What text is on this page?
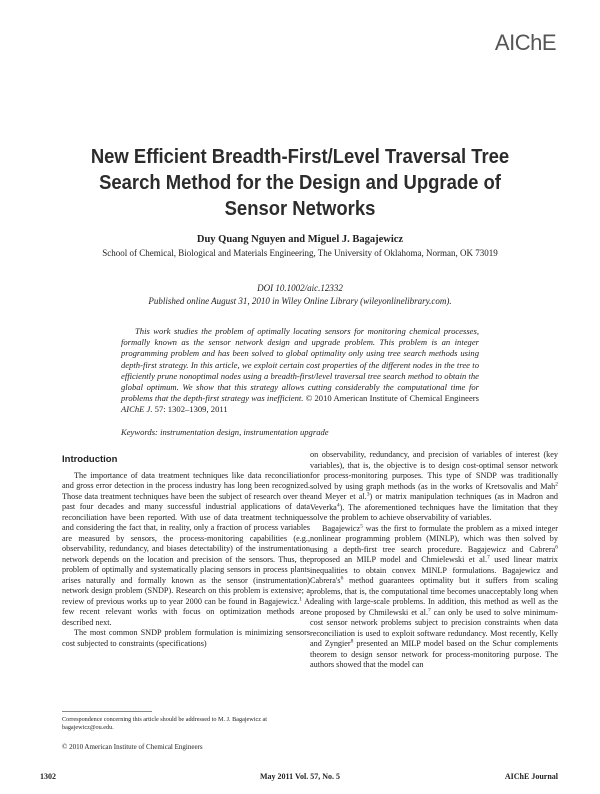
AIChE
New Efficient Breadth-First/Level Traversal Tree Search Method for the Design and Upgrade of Sensor Networks
Duy Quang Nguyen and Miguel J. Bagajewicz
School of Chemical, Biological and Materials Engineering, The University of Oklahoma, Norman, OK 73019
DOI 10.1002/aic.12332
Published online August 31, 2010 in Wiley Online Library (wileyonlinelibrary.com).

This work studies the problem of optimally locating sensors for monitoring chemical processes, formally known as the sensor network design and upgrade problem. This problem is an integer programming problem and has been solved to global optimality only using tree search methods using depth-first strategy. In this article, we exploit certain cost properties of the different nodes in the tree to efficiently prune nonoptimal nodes using a breadth-first/level traversal tree search method to obtain the global optimum. We show that this strategy allows cutting considerably the computational time for problems that the depth-first strategy was inefficient. © 2010 American Institute of Chemical Engineers AIChE J. 57: 1302–1309, 2011

Keywords: instrumentation design, instrumentation upgrade
Introduction

The importance of data treatment techniques like data reconciliation and gross error detection in the process industry has long been recognized. Those data treatment techniques have been the subject of research over the past four decades and many successful industrial applications of data reconciliation have been reported. With use of data treatment techniques and considering the fact that, in reality, only a fraction of process variables are measured by sensors, the process-monitoring capabilities (e.g., observability, redundancy, and biases detectability) of the instrumentation network depends on the location and precision of the sensors. Thus, the problem of optimally and systematically placing sensors in process plants arises naturally and formally known as the sensor (instrumentation) network design problem (SNDP). Research on this problem is extensive; a review of previous works up to year 2000 can be found in Bagajewicz.$^1$ A few recent relevant works with focus on optimization methods are described next.

The most common SNDP problem formulation is minimizing sensors cost subjected to constraints (specifications)

on observability, redundancy, and precision of variables of interest (key variables), that is, the objective is to design cost-optimal sensor network for process-monitoring purposes. This type of SNDP was traditionally solved by using graph methods (as in the works of Kretsovalis and Mah$^2$ and Meyer et al.$^3$) or matrix manipulation techniques (as in Madron and Veverka$^4$). The aforementioned techniques have the limitation that they solve the problem to achieve observability of variables.

Bagajewicz$^5$ was the first to formulate the problem as a mixed integer nonlinear programming problem (MINLP), which was then solved by using a depth-first tree search procedure. Bagajewicz and Cabrera$^6$ proposed an MILP model and Chmielewski et al.$^7$ used linear matrix inequalities to obtain convex MINLP formulations. Bagajewicz and $Cabrera's^6$ method guarantees optimality but it suffers from scaling problems, that is, the computational time becomes unacceptably long when dealing with large-scale problems. In addition, this method as well as the one proposed by Chmilewski et al.$^7$ can only be used to solve minimum-cost sensor network problems subject to precision constraints when data reconciliation is used to exploit software redundancy. Most recently, Kelly and Zyngier$^8$ presented an MILP model based on the Schur complements theorem to design sensor network for process-monitoring purpose. The authors showed that the model can

Correspondence concerning this article should be addressed to M. J. Bagajewicz at bagajewicz@ou.edu.
© 2010 American Institute of Chemical Engineers
1302	May 2011 Vol. 57, No. 5	AIChE Journal
